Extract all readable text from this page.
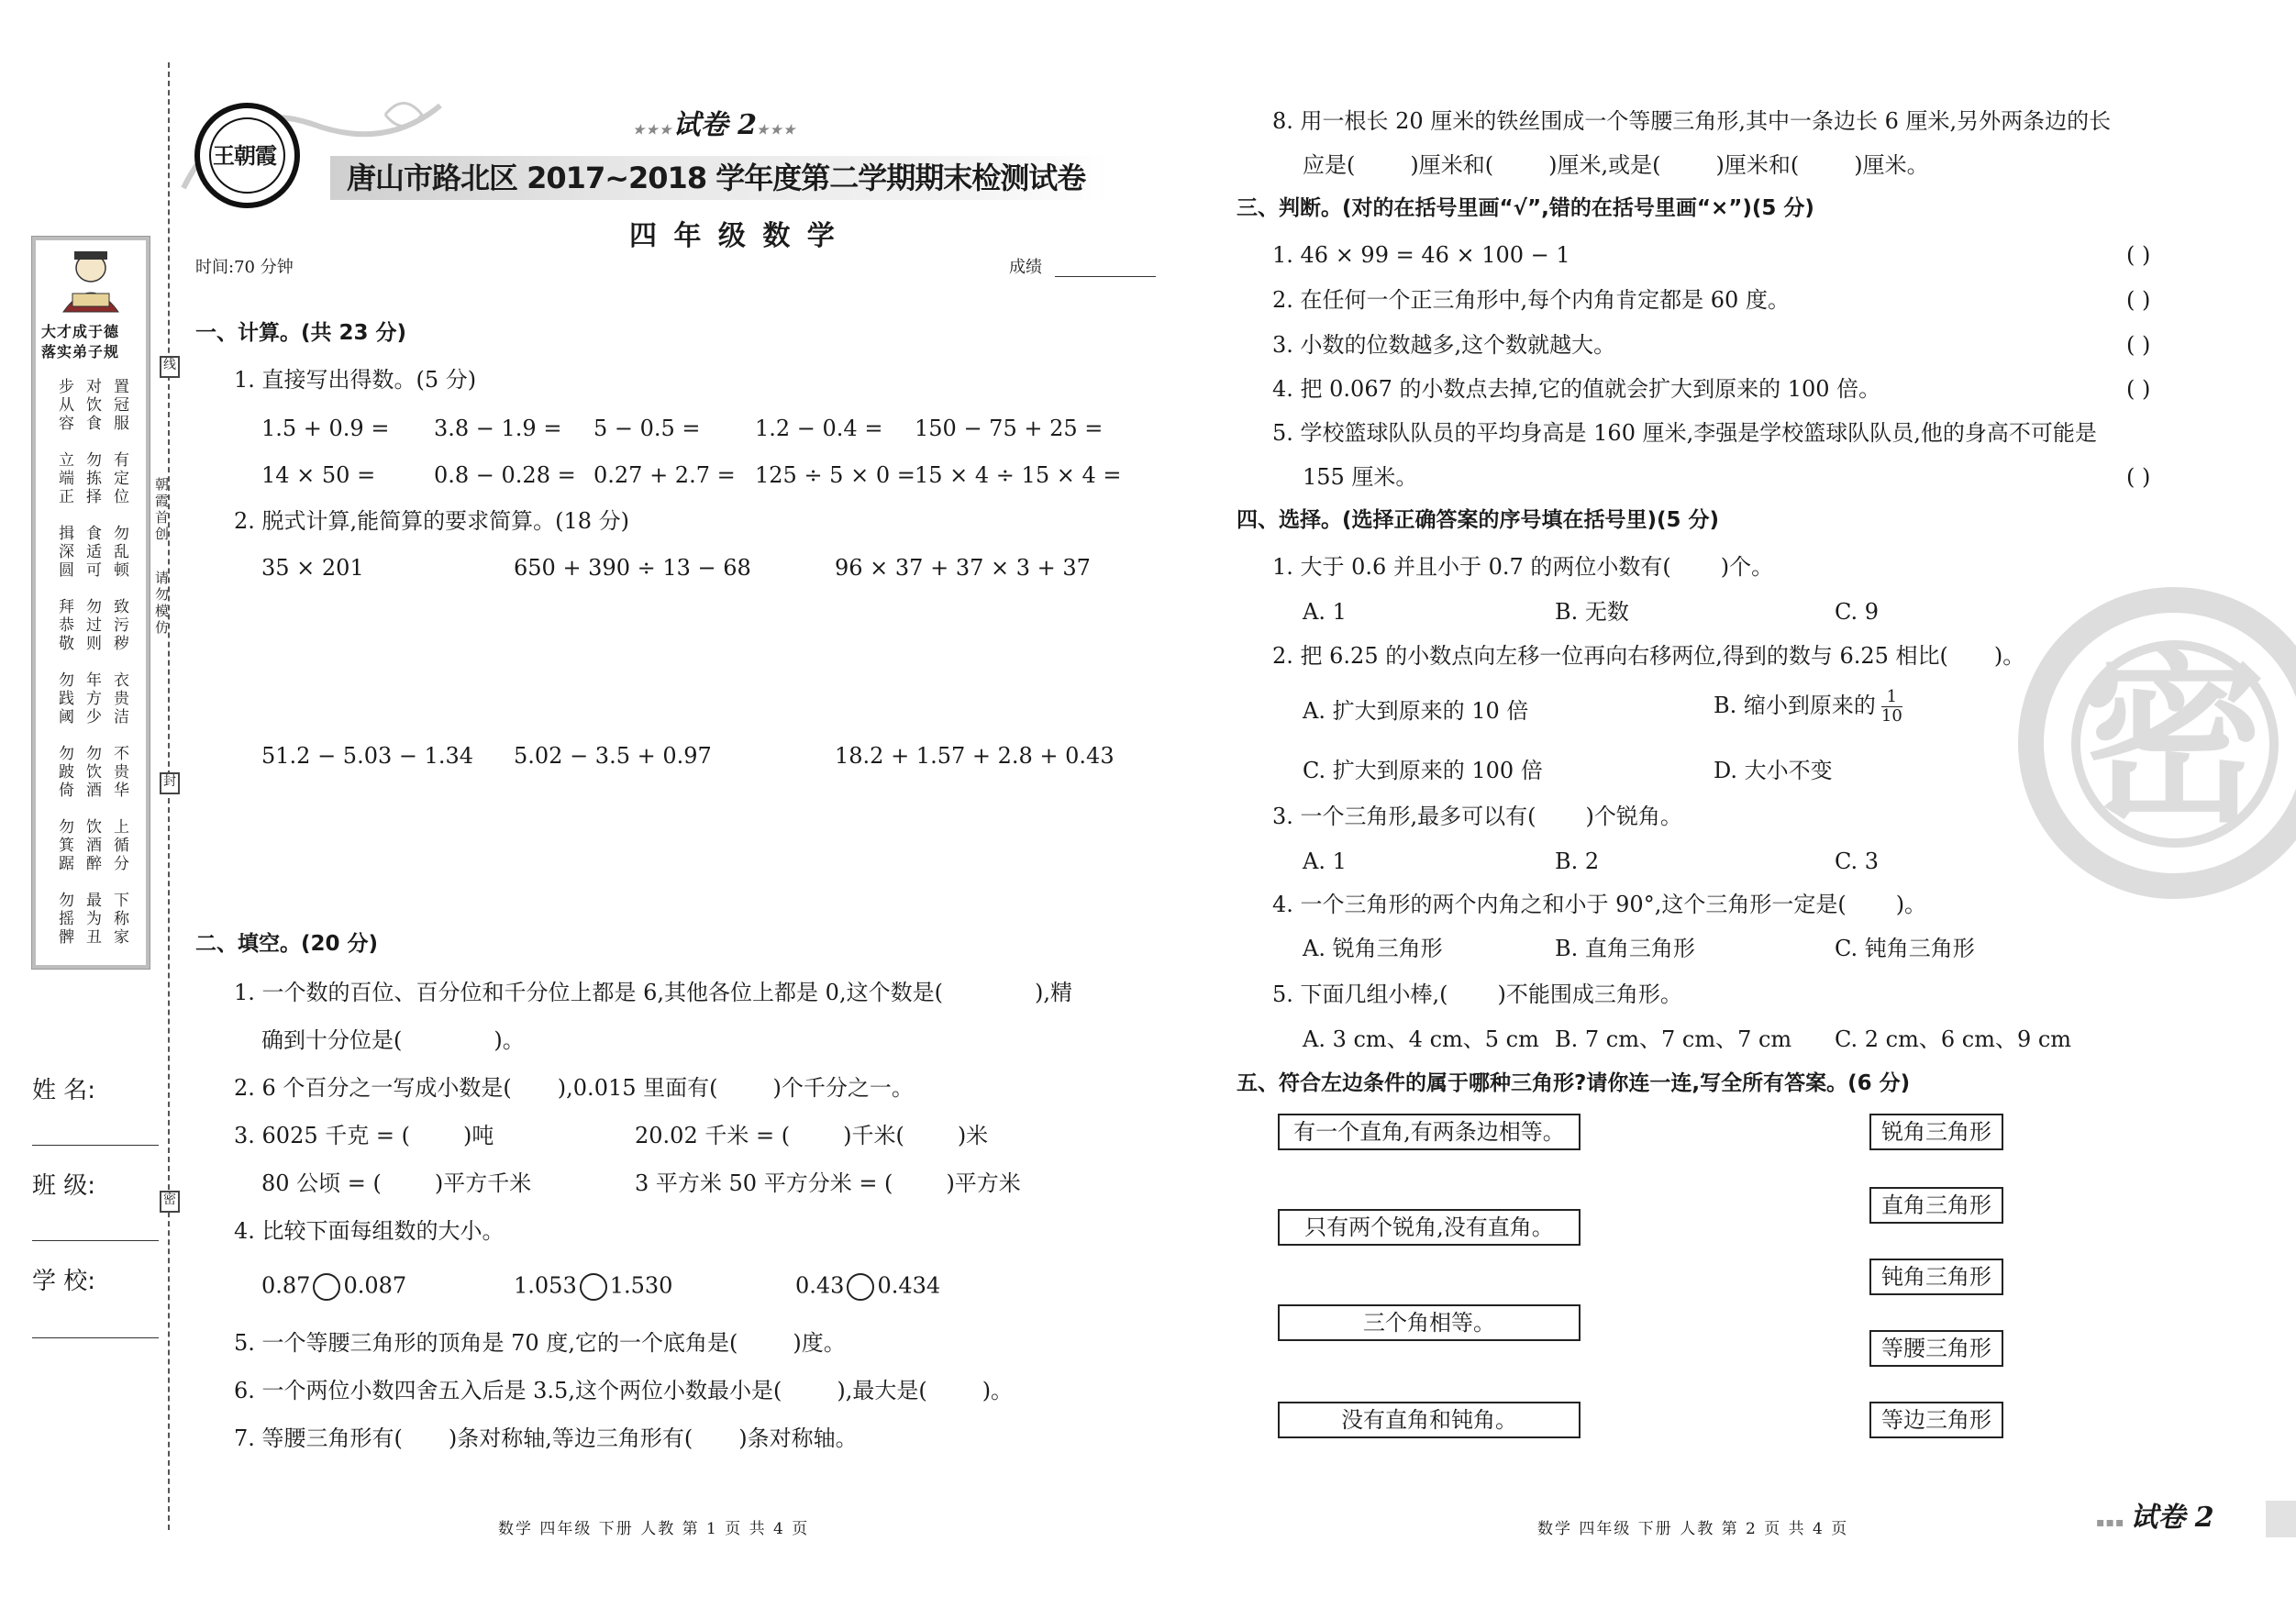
线
封
密
朝霞首创
请勿模仿
大才成于德
落实弟子规
步从容 对饮食 置冠服
立端正 勿拣择 有定位
揖深圆 食适可 勿乱顿
拜恭敬 勿过则 致污秽
勿践阈 年方少 衣贵洁
勿跛倚 勿饮酒 不贵华
勿箕踞 饮酒醉 上循分
勿摇髀 最为丑 下称家
姓 名:
班 级:
学 校:
王朝霞
★★★试卷 2★★★
唐山市路北区 2017~2018 学年度第二学期期末检测试卷
四 年 级 数 学
时间:70 分钟	成绩
一、计算。(共 23 分)
1. 直接写出得数。(5 分)
1.5 + 0.9 = 3.8 − 1.9 = 5 − 0.5 = 1.2 − 0.4 = 150 − 75 + 25 =
14 × 50 =	0.8 − 0.28 = 0.27 + 2.7 = 125 ÷ 5 × 0 = 15 × 4 ÷ 15 × 4 =
2. 脱式计算,能简算的要求简算。(18 分)
35 × 201	650 + 390 ÷ 13 − 68	96 × 37 + 37 × 3 + 37
51.2 − 5.03 − 1.34 5.02 − 3.5 + 0.97	18.2 + 1.57 + 2.8 + 0.43
二、填空。(20 分)
1. 一个数的百位、百分位和千分位上都是 6,其他各位上都是 0,这个数是(	),精
确到十分位是(	)。
2. 6 个百分之一写成小数是( ),0.015 里面有(	)个千分之一。
3. 6025 千克 = ( )吨	20.02 千米 = ( )千米( )米
80 公顷 = ( )平方千米	3 平方米 50 平方分米 = ( )平方米
4. 比较下面每组数的大小。
0.87 0.087	1.053 1.530	0.43 0.434
5. 一个等腰三角形的顶角是 70 度,它的一个底角是(	)度。
6. 一个两位小数四舍五入后是 3.5,这个两位小数最小是(	),最大是(	)。
7. 等腰三角形有( )条对称轴,等边三角形有( )条对称轴。
数学 四年级 下册 人教 第 1 页 共 4 页
8. 用一根长 20 厘米的铁丝围成一个等腰三角形,其中一条边长 6 厘米,另外两条边的长
应是(	)厘米和(	)厘米,或是(	)厘米和(	)厘米。
三、判断。(对的在括号里画“√”,错的在括号里画“×”)(5 分)
1. 46 × 99 = 46 × 100 − 1	( )
2. 在任何一个正三角形中,每个内角肯定都是 60 度。	( )
3. 小数的位数越多,这个数就越大。	( )
4. 把 0.067 的小数点去掉,它的值就会扩大到原来的 100 倍。	( )
5. 学校篮球队队员的平均身高是 160 厘米,李强是学校篮球队队员,他的身高不可能是
155 厘米。	( )
四、选择。(选择正确答案的序号填在括号里)(5 分)
1. 大于 0.6 并且小于 0.7 的两位小数有( )个。
A. 1	B. 无数	C. 9
2. 把 6.25 的小数点向左移一位再向右移两位,得到的数与 6.25 相比( )。
A. 扩大到原来的 10 倍	B. 缩小到原来的 $\frac{1}{10}$
C. 扩大到原来的 100 倍	D. 大小不变
3. 一个三角形,最多可以有( )个锐角。
A. 1	B. 2	C. 3
4. 一个三角形的两个内角之和小于 90°,这个三角形一定是( )。
A. 锐角三角形	B. 直角三角形	C. 钝角三角形
5. 下面几组小棒,( )不能围成三角形。
A. 3 cm、4 cm、5 cm B. 7 cm、7 cm、7 cm C. 2 cm、6 cm、9 cm
五、符合左边条件的属于哪种三角形?请你连一连,写全所有答案。(6 分)
有一个直角,有两条边相等。
只有两个锐角,没有直角。
三个角相等。
没有直角和钝角。
锐角三角形
直角三角形
钝角三角形
等腰三角形
等边三角形
密
数学 四年级 下册 人教 第 2 页 共 4 页	▪▪▪ 试卷 2
